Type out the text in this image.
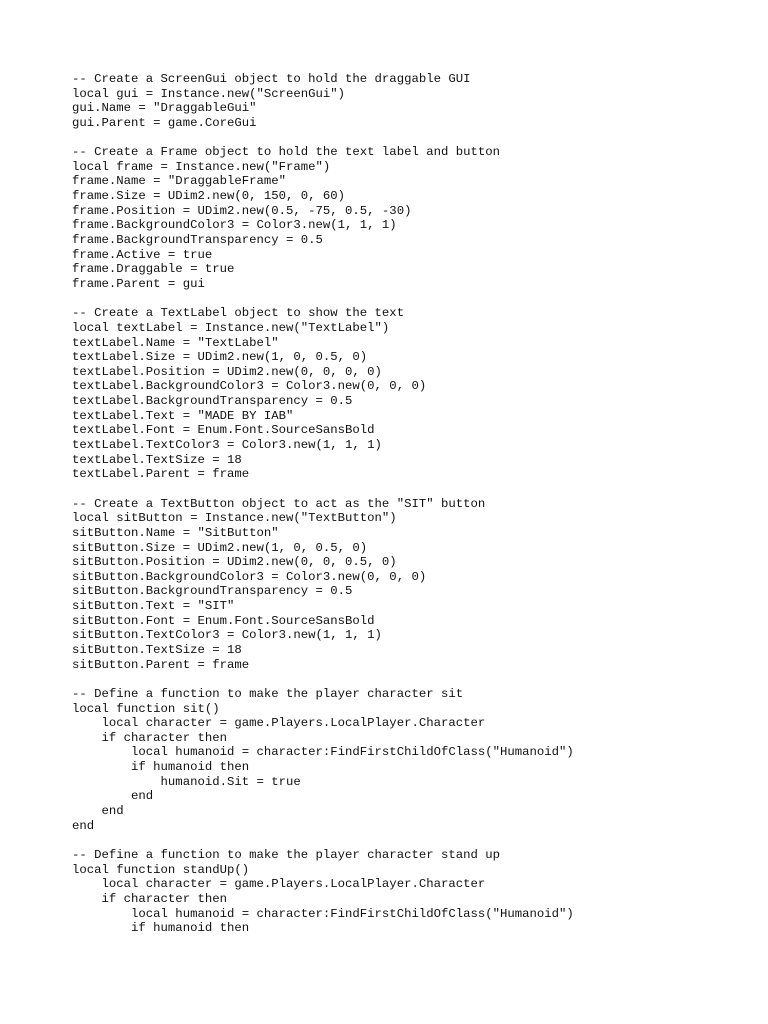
-- Create a ScreenGui object to hold the draggable GUI
local gui = Instance.new("ScreenGui")
gui.Name = "DraggableGui"
gui.Parent = game.CoreGui
-- Create a Frame object to hold the text label and button
local frame = Instance.new("Frame")
frame.Name = "DraggableFrame"
frame.Size = UDim2.new(0, 150, 0, 60)
frame.Position = UDim2.new(0.5, -75, 0.5, -30)
frame.BackgroundColor3 = Color3.new(1, 1, 1)
frame.BackgroundTransparency = 0.5
frame.Active = true
frame.Draggable = true
frame.Parent = gui
-- Create a TextLabel object to show the text
local textLabel = Instance.new("TextLabel")
textLabel.Name = "TextLabel"
textLabel.Size = UDim2.new(1, 0, 0.5, 0)
textLabel.Position = UDim2.new(0, 0, 0, 0)
textLabel.BackgroundColor3 = Color3.new(0, 0, 0)
textLabel.BackgroundTransparency = 0.5
textLabel.Text = "MADE BY IAB"
textLabel.Font = Enum.Font.SourceSansBold
textLabel.TextColor3 = Color3.new(1, 1, 1)
textLabel.TextSize = 18
textLabel.Parent = frame
-- Create a TextButton object to act as the "SIT" button
local sitButton = Instance.new("TextButton")
sitButton.Name = "SitButton"
sitButton.Size = UDim2.new(1, 0, 0.5, 0)
sitButton.Position = UDim2.new(0, 0, 0.5, 0)
sitButton.BackgroundColor3 = Color3.new(0, 0, 0)
sitButton.BackgroundTransparency = 0.5
sitButton.Text = "SIT"
sitButton.Font = Enum.Font.SourceSansBold
sitButton.TextColor3 = Color3.new(1, 1, 1)
sitButton.TextSize = 18
sitButton.Parent = frame
-- Define a function to make the player character sit
local function sit()
local character = game.Players.LocalPlayer.Character
if character then
local humanoid = character:FindFirstChildOfClass("Humanoid")
if humanoid then
humanoid.Sit = true
end
end
end
-- Define a function to make the player character stand up
local function standUp()
local character = game.Players.LocalPlayer.Character
if character then
local humanoid = character:FindFirstChildOfClass("Humanoid")
if humanoid then
